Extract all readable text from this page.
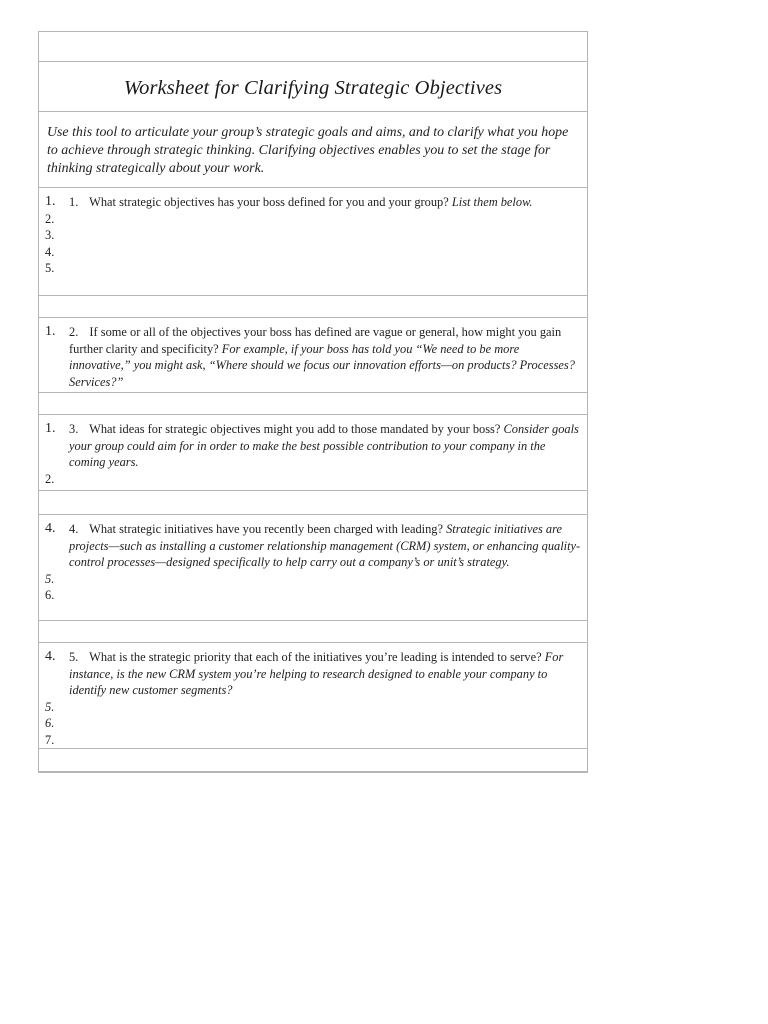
Worksheet for Clarifying Strategic Objectives
Use this tool to articulate your group’s strategic goals and aims, and to clarify what you hope to achieve through strategic thinking. Clarifying objectives enables you to set the stage for thinking strategically about your work.
1.	1. What strategic objectives has your boss defined for you and your group? List them below.
2.
3.
4.
5.
1.	2. If some or all of the objectives your boss has defined are vague or general, how might you gain further clarity and specificity? For example, if your boss has told you “We need to be more innovative,” you might ask, “Where should we focus our innovation efforts—on products? Processes? Services?”
1.	3. What ideas for strategic objectives might you add to those mandated by your boss? Consider goals your group could aim for in order to make the best possible contribution to your company in the coming years.
2.
4.	4. What strategic initiatives have you recently been charged with leading? Strategic initiatives are projects—such as installing a customer relationship management (CRM) system, or enhancing quality-control processes—designed specifically to help carry out a company’s or unit’s strategy.
5.
6.
4.	5. What is the strategic priority that each of the initiatives you’re leading is intended to serve? For instance, is the new CRM system you’re helping to research designed to enable your company to identify new customer segments?
5.
6.
7.
